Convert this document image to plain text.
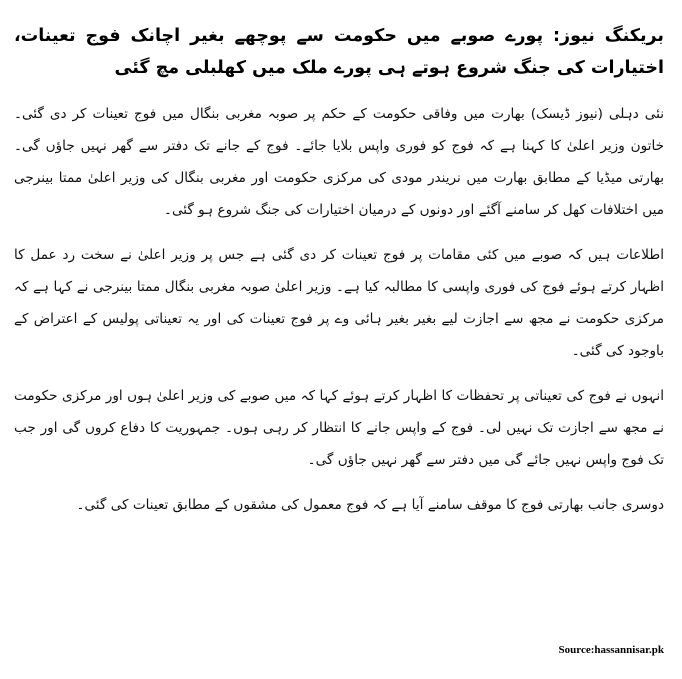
بریکنگ نیوز: پورے صوبے میں حکومت سے پوچھے بغیر اچانک فوج تعینات، اختیارات کی جنگ شروع ہوتے ہی پورے ملک میں کھلبلی مچ گئی
نئی دہلی (نیوز ڈیسک) بھارت میں وفاقی حکومت کے حکم پر صوبہ مغربی بنگال میں فوج تعینات کر دی گئی۔ خاتون وزیر اعلیٰ کا کہنا ہے کہ فوج کو فوری واپس بلایا جائے۔ فوج کے جانے تک دفتر سے گھر نہیں جاؤں گی۔ بھارتی میڈیا کے مطابق بھارت میں نریندر مودی کی مرکزی حکومت اور مغربی بنگال کی وزیر اعلیٰ ممتا بینرجی میں اختلافات کھل کر سامنے آگئے اور دونوں کے درمیان اختیارات کی جنگ شروع ہو گئی۔
اطلاعات ہیں کہ صوبے میں کئی مقامات پر فوج تعینات کر دی گئی ہے جس پر وزیر اعلیٰ نے سخت رد عمل کا اظہار کرتے ہوئے فوج کی فوری واپسی کا مطالبہ کیا ہے۔ وزیر اعلیٰ صوبہ مغربی بنگال ممتا بینرجی نے کہا ہے کہ مرکزی حکومت نے مجھ سے اجازت لیے بغیر بغیر ہائی وے پر فوج تعینات کی اور یہ تعیناتی پولیس کے اعتراض کے باوجود کی گئی۔
انہوں نے فوج کی تعیناتی پر تحفظات کا اظہار کرتے ہوئے کہا کہ میں صوبے کی وزیر اعلیٰ ہوں اور مرکزی حکومت نے مجھ سے اجازت تک نہیں لی۔ فوج کے واپس جانے کا انتظار کر رہی ہوں۔ جمہوریت کا دفاع کروں گی اور جب تک فوج واپس نہیں جائے گی میں دفتر سے گھر نہیں جاؤں گی۔
دوسری جانب بھارتی فوج کا موقف سامنے آیا ہے کہ فوج معمول کی مشقوں کے مطابق تعینات کی گئی۔
Source:hassannisar.pk
